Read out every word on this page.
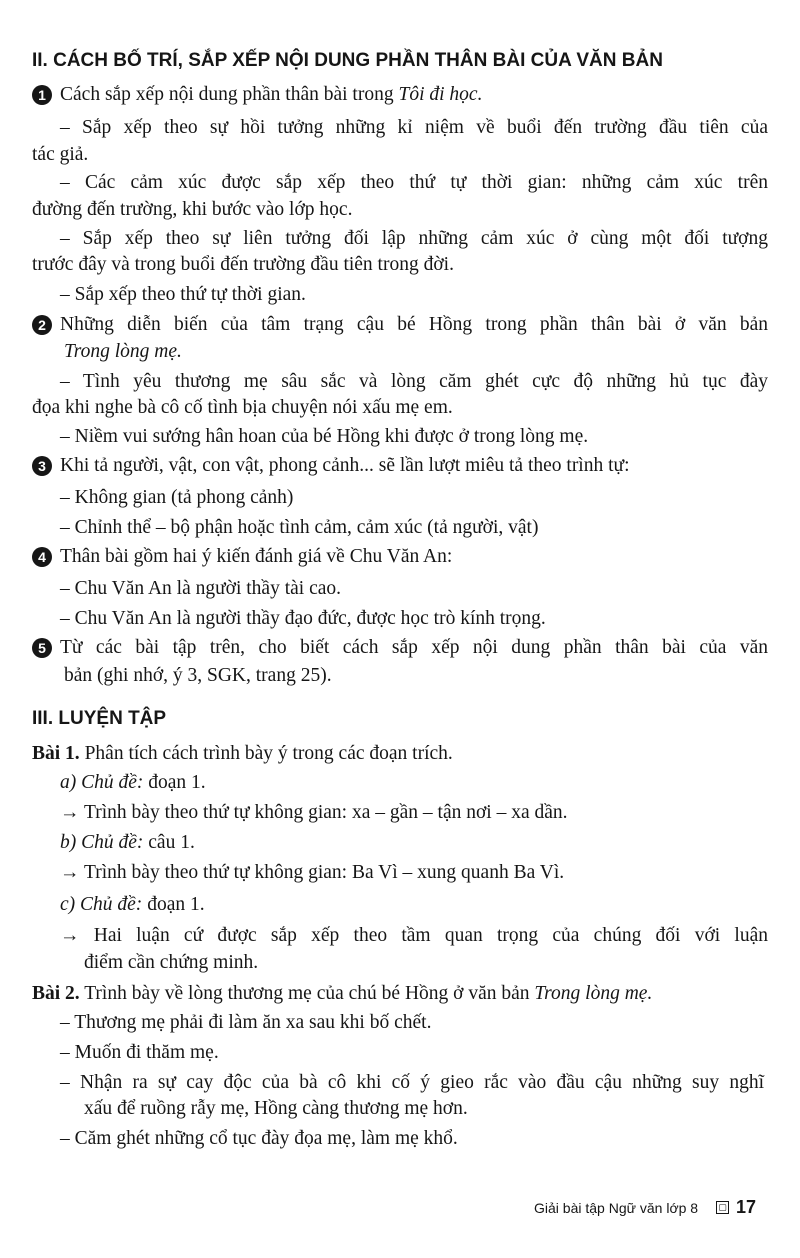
II. CÁCH BỐ TRÍ, SẮP XẾP NỘI DUNG PHẦN THÂN BÀI CỦA VĂN BẢN
1 Cách sắp xếp nội dung phần thân bài trong Tôi đi học.
– Sắp xếp theo sự hồi tưởng những kỉ niệm về buổi đến trường đầu tiên của
tác giả.
– Các cảm xúc được sắp xếp theo thứ tự thời gian: những cảm xúc trên
đường đến trường, khi bước vào lớp học.
– Sắp xếp theo sự liên tưởng đối lập những cảm xúc ở cùng một đối tượng
trước đây và trong buổi đến trường đầu tiên trong đời.
– Sắp xếp theo thứ tự thời gian.
2 Những diễn biến của tâm trạng cậu bé Hồng trong phần thân bài ở văn bản
Trong lòng mẹ.
– Tình yêu thương mẹ sâu sắc và lòng căm ghét cực độ những hủ tục đày
đọa khi nghe bà cô cố tình bịa chuyện nói xấu mẹ em.
– Niềm vui sướng hân hoan của bé Hồng khi được ở trong lòng mẹ.
3 Khi tả người, vật, con vật, phong cảnh... sẽ lần lượt miêu tả theo trình tự:
– Không gian (tả phong cảnh)
– Chỉnh thể – bộ phận hoặc tình cảm, cảm xúc (tả người, vật)
4 Thân bài gồm hai ý kiến đánh giá về Chu Văn An:
– Chu Văn An là người thầy tài cao.
– Chu Văn An là người thầy đạo đức, được học trò kính trọng.
5 Từ các bài tập trên, cho biết cách sắp xếp nội dung phần thân bài của văn
bản (ghi nhớ, ý 3, SGK, trang 25).
III. LUYỆN TẬP
Bài 1. Phân tích cách trình bày ý trong các đoạn trích.
a) Chủ đề: đoạn 1.
→ Trình bày theo thứ tự không gian: xa – gần – tận nơi – xa dần.
b) Chủ đề: câu 1.
→ Trình bày theo thứ tự không gian: Ba Vì – xung quanh Ba Vì.
c) Chủ đề: đoạn 1.
→ Hai luận cứ được sắp xếp theo tầm quan trọng của chúng đối với luận
điểm cần chứng minh.
Bài 2. Trình bày về lòng thương mẹ của chú bé Hồng ở văn bản Trong lòng mẹ.
– Thương mẹ phải đi làm ăn xa sau khi bố chết.
– Muốn đi thăm mẹ.
– Nhận ra sự cay độc của bà cô khi cố ý gieo rắc vào đầu cậu những suy nghĩ
xấu để ruồng rẫy mẹ, Hồng càng thương mẹ hơn.
– Căm ghét những cổ tục đày đọa mẹ, làm mẹ khổ.
Giải bài tập Ngữ văn lớp 8 ▢ 17
